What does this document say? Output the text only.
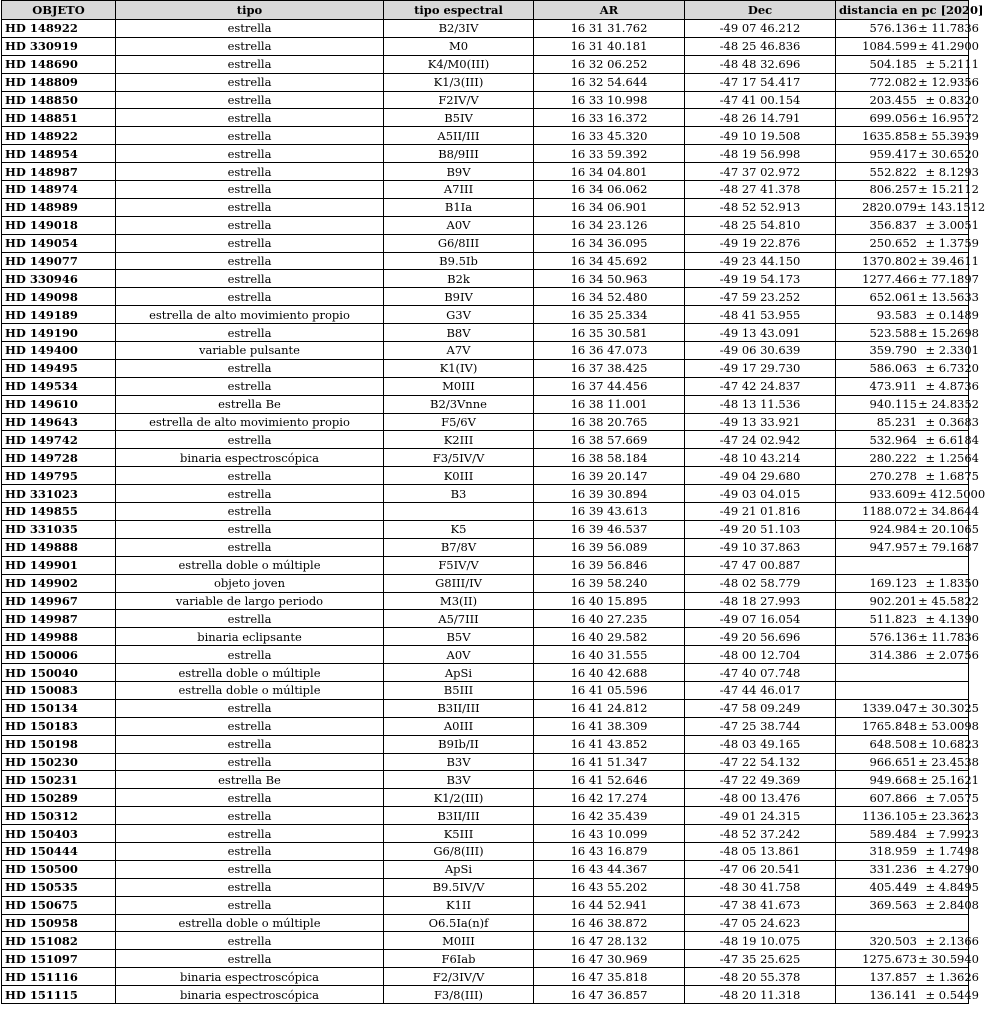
OBJETO	tipo	tipo espectral	AR	Dec	distancia en pc [2020]
HD 148922	estrella	B2/3IV	16 31 31.762	-49 07 46.212	576.136± 11.7836
HD 330919	estrella	M0	16 31 40.181	-48 25 46.836	1084.599± 41.2900
HD 148690	estrella	K4/M0(III)	16 32 06.252	-48 48 32.696	504.185 ± 5.2111
HD 148809	estrella	K1/3(III)	16 32 54.644	-47 17 54.417	772.082± 12.9356
HD 148850	estrella	F2IV/V	16 33 10.998	-47 41 00.154	203.455 ± 0.8320
HD 148851	estrella	B5IV	16 33 16.372	-48 26 14.791	699.056± 16.9572
HD 148922	estrella	A5II/III	16 33 45.320	-49 10 19.508	1635.858± 55.3939
HD 148954	estrella	B8/9III	16 33 59.392	-48 19 56.998	959.417± 30.6520
HD 148987	estrella	B9V	16 34 04.801	-47 37 02.972	552.822 ± 8.1293
HD 148974	estrella	A7III	16 34 06.062	-48 27 41.378	806.257± 15.2112
HD 148989	estrella	B1Ia	16 34 06.901	-48 52 52.913	2820.079± 143.1512
HD 149018	estrella	A0V	16 34 23.126	-48 25 54.810	356.837 ± 3.0051
HD 149054	estrella	G6/8III	16 34 36.095	-49 19 22.876	250.652 ± 1.3759
HD 149077	estrella	B9.5Ib	16 34 45.692	-49 23 44.150	1370.802± 39.4611
HD 330946	estrella	B2k	16 34 50.963	-49 19 54.173	1277.466± 77.1897
HD 149098	estrella	B9IV	16 34 52.480	-47 59 23.252	652.061± 13.5633
HD 149189	estrella de alto movimiento propio	G3V	16 35 25.334	-48 41 53.955	93.583 ± 0.1489
HD 149190	estrella	B8V	16 35 30.581	-49 13 43.091	523.588± 15.2698
HD 149400	variable pulsante	A7V	16 36 47.073	-49 06 30.639	359.790 ± 2.3301
HD 149495	estrella	K1(IV)	16 37 38.425	-49 17 29.730	586.063 ± 6.7320
HD 149534	estrella	M0III	16 37 44.456	-47 42 24.837	473.911 ± 4.8736
HD 149610	estrella Be	B2/3Vnne	16 38 11.001	-48 13 11.536	940.115± 24.8352
HD 149643	estrella de alto movimiento propio	F5/6V	16 38 20.765	-49 13 33.921	85.231 ± 0.3683
HD 149742	estrella	K2III	16 38 57.669	-47 24 02.942	532.964 ± 6.6184
HD 149728	binaria espectroscópica	F3/5IV/V	16 38 58.184	-48 10 43.214	280.222 ± 1.2564
HD 149795	estrella	K0III	16 39 20.147	-49 04 29.680	270.278 ± 1.6875
HD 331023	estrella	B3	16 39 30.894	-49 03 04.015	933.609± 412.5000
HD 149855	estrella		16 39 43.613	-49 21 01.816	1188.072± 34.8644
HD 331035	estrella	K5	16 39 46.537	-49 20 51.103	924.984± 20.1065
HD 149888	estrella	B7/8V	16 39 56.089	-49 10 37.863	947.957± 79.1687
HD 149901	estrella doble o múltiple	F5IV/V	16 39 56.846	-47 47 00.887	
HD 149902	objeto joven	G8III/IV	16 39 58.240	-48 02 58.779	169.123 ± 1.8350
HD 149967	variable de largo periodo	M3(II)	16 40 15.895	-48 18 27.993	902.201± 45.5822
HD 149987	estrella	A5/7III	16 40 27.235	-49 07 16.054	511.823 ± 4.1390
HD 149988	binaria eclipsante	B5V	16 40 29.582	-49 20 56.696	576.136± 11.7836
HD 150006	estrella	A0V	16 40 31.555	-48 00 12.704	314.386 ± 2.0756
HD 150040	estrella doble o múltiple	ApSi	16 40 42.688	-47 40 07.748	
HD 150083	estrella doble o múltiple	B5III	16 41 05.596	-47 44 46.017	
HD 150134	estrella	B3II/III	16 41 24.812	-47 58 09.249	1339.047± 30.3025
HD 150183	estrella	A0III	16 41 38.309	-47 25 38.744	1765.848± 53.0098
HD 150198	estrella	B9Ib/II	16 41 43.852	-48 03 49.165	648.508± 10.6823
HD 150230	estrella	B3V	16 41 51.347	-47 22 54.132	966.651± 23.4538
HD 150231	estrella Be	B3V	16 41 52.646	-47 22 49.369	949.668± 25.1621
HD 150289	estrella	K1/2(III)	16 42 17.274	-48 00 13.476	607.866 ± 7.0575
HD 150312	estrella	B3II/III	16 42 35.439	-49 01 24.315	1136.105± 23.3623
HD 150403	estrella	K5III	16 43 10.099	-48 52 37.242	589.484 ± 7.9923
HD 150444	estrella	G6/8(III)	16 43 16.879	-48 05 13.861	318.959 ± 1.7498
HD 150500	estrella	ApSi	16 43 44.367	-47 06 20.541	331.236 ± 4.2790
HD 150535	estrella	B9.5IV/V	16 43 55.202	-48 30 41.758	405.449 ± 4.8495
HD 150675	estrella	K1II	16 44 52.941	-47 38 41.673	369.563 ± 2.8408
HD 150958	estrella doble o múltiple	O6.5Ia(n)f	16 46 38.872	-47 05 24.623	
HD 151082	estrella	M0III	16 47 28.132	-48 19 10.075	320.503 ± 2.1366
HD 151097	estrella	F6Iab	16 47 30.969	-47 35 25.625	1275.673± 30.5940
HD 151116	binaria espectroscópica	F2/3IV/V	16 47 35.818	-48 20 55.378	137.857 ± 1.3626
HD 151115	binaria espectroscópica	F3/8(III)	16 47 36.857	-48 20 11.318	136.141 ± 0.5449
